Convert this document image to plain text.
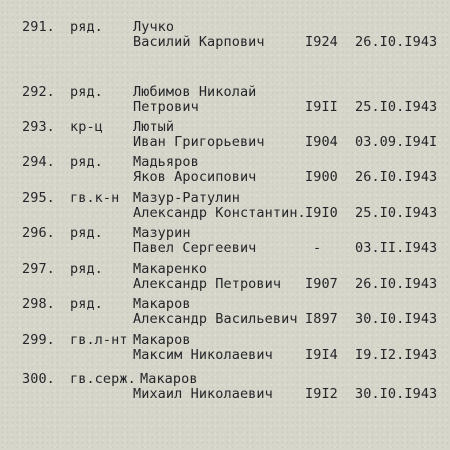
291. ряд. Лучко
Василий Карпович	I924 26.I0.I943
292. ряд. Любимов Николай
Петрович	I9II 25.I0.I943
293. кр-ц Лютый
Иван Григорьевич	I904 03.09.I94I
294. ряд. Мадьяров
Яков Аросипович	I900 26.I0.I943
295. гв.к-н Мазур-Ратулин
Александр Константин. I9I0 25.I0.I943
296. ряд. Мазурин
Павел Сергеевич	-	03.II.I943
297. ряд. Макаренко
Александр Петрович I907 26.I0.I943
298. ряд. Макаров
Александр Васильевич I897 30.I0.I943
299. гв.л-нт Макаров
Максим Николаевич I9I4 I9.I2.I943
300. гв.серж. Макаров
Михаил Николаевич I9I2 30.I0.I943
